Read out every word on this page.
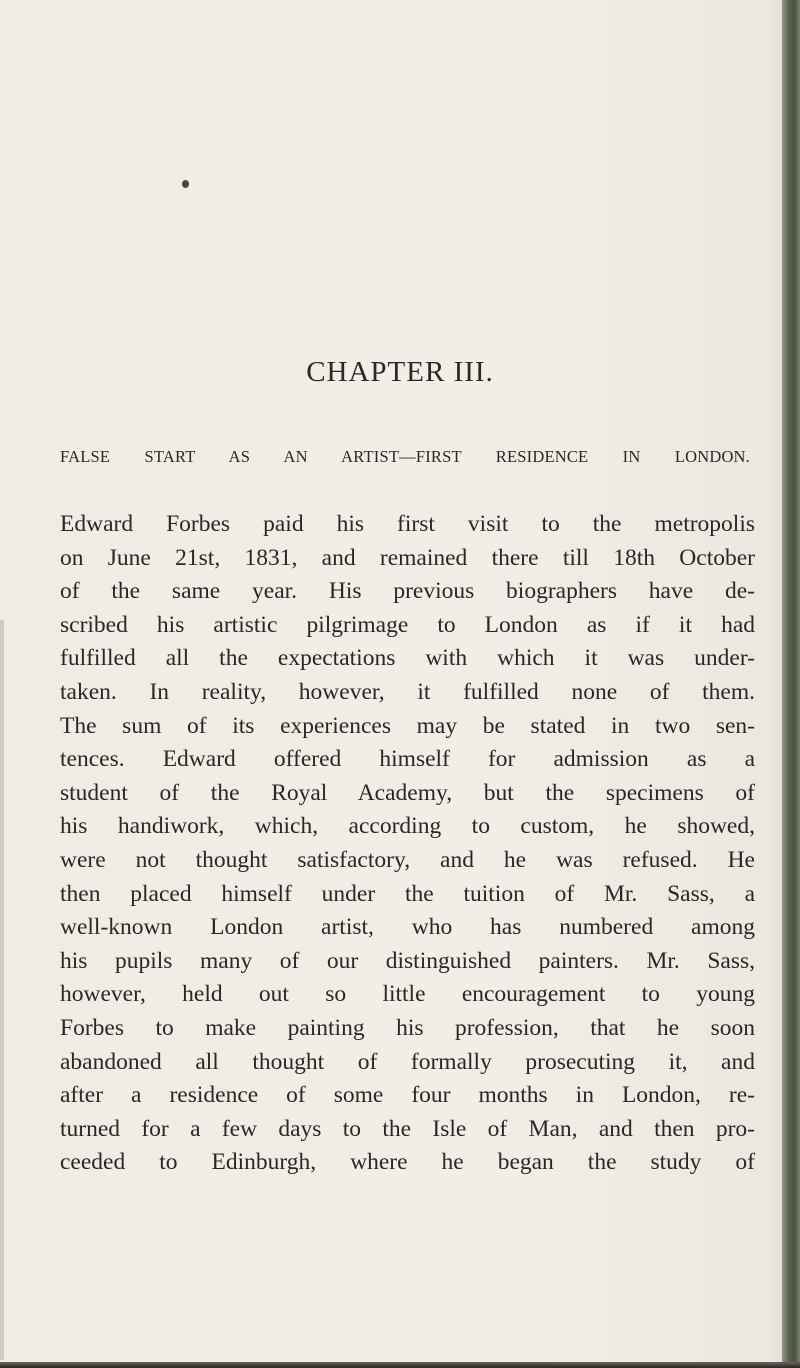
CHAPTER III.
FALSE START AS AN ARTIST—FIRST RESIDENCE IN LONDON.
Edward Forbes paid his first visit to the metropolis
on June 21st, 1831, and remained there till 18th October
of the same year. His previous biographers have de-
scribed his artistic pilgrimage to London as if it had
fulfilled all the expectations with which it was under-
taken. In reality, however, it fulfilled none of them.
The sum of its experiences may be stated in two sen-
tences. Edward offered himself for admission as a
student of the Royal Academy, but the specimens of
his handiwork, which, according to custom, he showed,
were not thought satisfactory, and he was refused. He
then placed himself under the tuition of Mr. Sass, a
well-known London artist, who has numbered among
his pupils many of our distinguished painters. Mr. Sass,
however, held out so little encouragement to young
Forbes to make painting his profession, that he soon
abandoned all thought of formally prosecuting it, and
after a residence of some four months in London, re-
turned for a few days to the Isle of Man, and then pro-
ceeded to Edinburgh, where he began the study of
